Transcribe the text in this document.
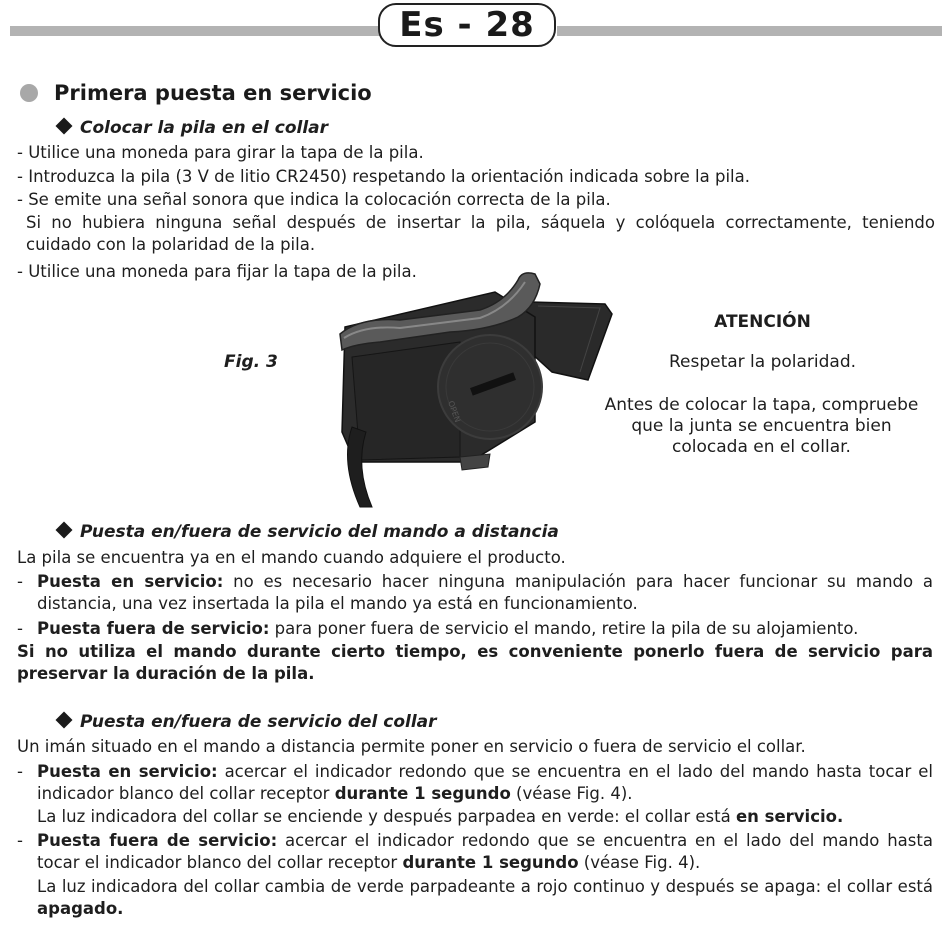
Es - 28
Primera puesta en servicio
Colocar la pila en el collar
- Utilice una moneda para girar la tapa de la pila.
- Introduzca la pila (3 V de litio CR2450) respetando la orientación indicada sobre la pila.
- Se emite una señal sonora que indica la colocación correcta de la pila.
Si no hubiera ninguna señal después de insertar la pila, sáquela y colóquela correctamente, teniendo cuidado con la polaridad de la pila.
- Utilice una moneda para fijar la tapa de la pila.
Fig. 3
OPEN
ATENCIÓN
Respetar la polaridad.
Antes de colocar la tapa, compruebe que la junta se encuentra bien colocada en el collar.
Puesta en/fuera de servicio del mando a distancia
La pila se encuentra ya en el mando cuando adquiere el producto.
- Puesta en servicio: no es necesario hacer ninguna manipulación para hacer funcionar su mando a distancia, una vez insertada la pila el mando ya está en funcionamiento.
- Puesta fuera de servicio: para poner fuera de servicio el mando, retire la pila de su alojamiento.
Si no utiliza el mando durante cierto tiempo, es conveniente ponerlo fuera de servicio para preservar la duración de la pila.
Puesta en/fuera de servicio del collar
Un imán situado en el mando a distancia permite poner en servicio o fuera de servicio el collar.
- Puesta en servicio: acercar el indicador redondo que se encuentra en el lado del mando hasta tocar el indicador blanco del collar receptor durante 1 segundo (véase Fig. 4).
La luz indicadora del collar se enciende y después parpadea en verde: el collar está en servicio.
- Puesta fuera de servicio: acercar el indicador redondo que se encuentra en el lado del mando hasta tocar el indicador blanco del collar receptor durante 1 segundo (véase Fig. 4).
La luz indicadora del collar cambia de verde parpadeante a rojo continuo y después se apaga: el collar está apagado.
